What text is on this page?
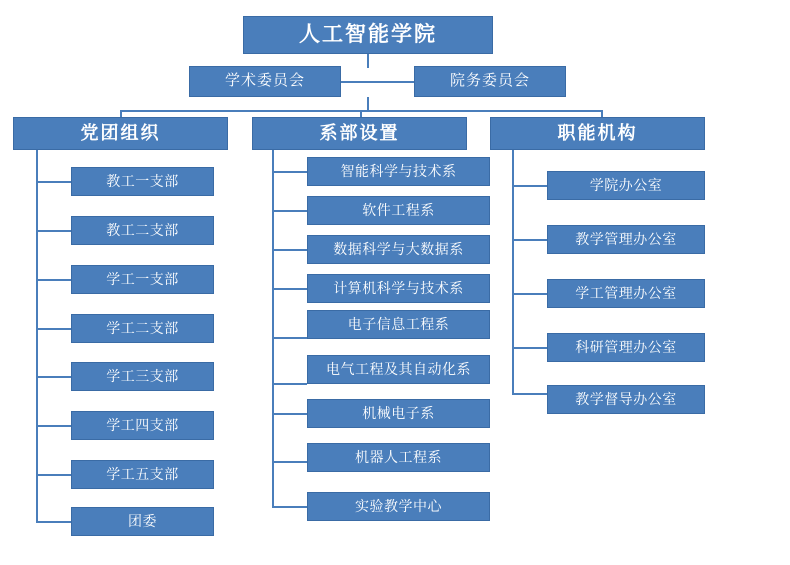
人工智能学院
学术委员会	院务委员会
党团组织
教工一支部
教工二支部
学工一支部
学工二支部
学工三支部
学工四支部
学工五支部
团委
系部设置
智能科学与技术系
软件工程系
数据科学与大数据系
计算机科学与技术系
电子信息工程系
电气工程及其自动化系
机械电子系
机器人工程系
实验教学中心
职能机构
学院办公室
教学管理办公室
学工管理办公室
科研管理办公室
教学督导办公室
